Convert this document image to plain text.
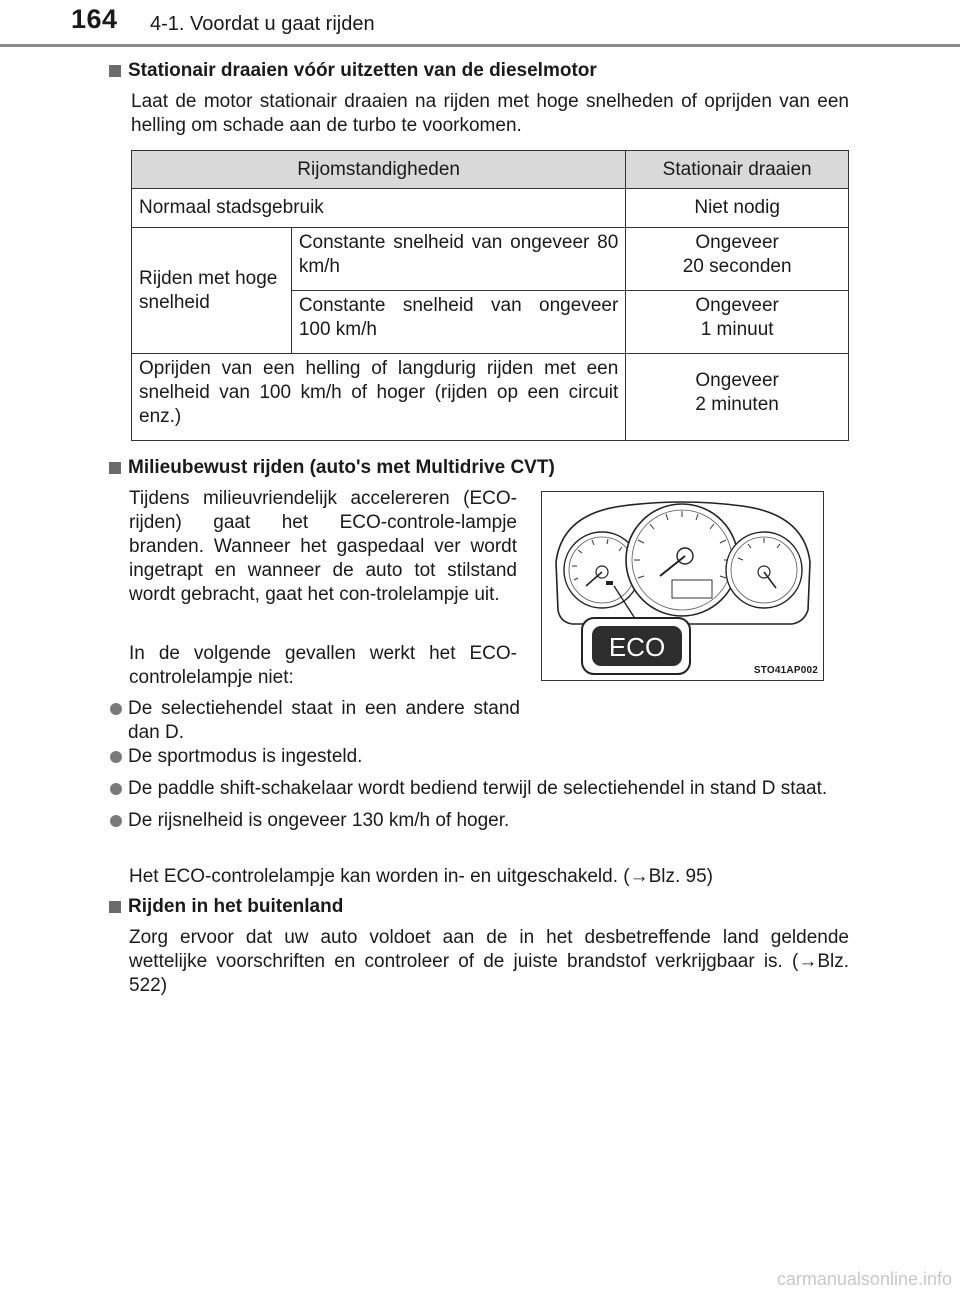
164 4-1. Voordat u gaat rijden
Stationair draaien vóór uitzetten van de dieselmotor
Laat de motor stationair draaien na rijden met hoge snelheden of oprijden van een helling om schade aan de turbo te voorkomen.
Rijomstandigheden		Stationair draaien
Normaal stadsgebruik		Niet nodig
Rijden met hoge snelheid	Constante snelheid van ongeveer 80 km/h	Ongeveer
20 seconden

	Constante snelheid van ongeveer 100 km/h	Ongeveer
1 minuut

Oprijden van een helling of langdurig rijden met een snelheid van 100 km/h of hoger (rijden op een circuit enz.)		Ongeveer
2 minuten
Milieubewust rijden (auto's met Multidrive CVT)
Tijdens milieuvriendelijk accelereren (ECO-rijden) gaat het ECO-controle-lampje branden. Wanneer het gaspedaal ver wordt ingetrapt en wanneer de auto tot stilstand wordt gebracht, gaat het con-trolelampje uit.
In de volgende gevallen werkt het ECO-controlelampje niet:
De selectiehendel staat in een andere stand dan D.
De sportmodus is ingesteld.
De paddle shift-schakelaar wordt bediend terwijl de selectiehendel in stand D staat.
De rijsnelheid is ongeveer 130 km/h of hoger.
Het ECO-controlelampje kan worden in- en uitgeschakeld. (→Blz. 95)
ECO
STO41AP002
Rijden in het buitenland
Zorg ervoor dat uw auto voldoet aan de in het desbetreffende land geldende wettelijke voorschriften en controleer of de juiste brandstof verkrijgbaar is. (→Blz. 522)
carmanualsonline.info
